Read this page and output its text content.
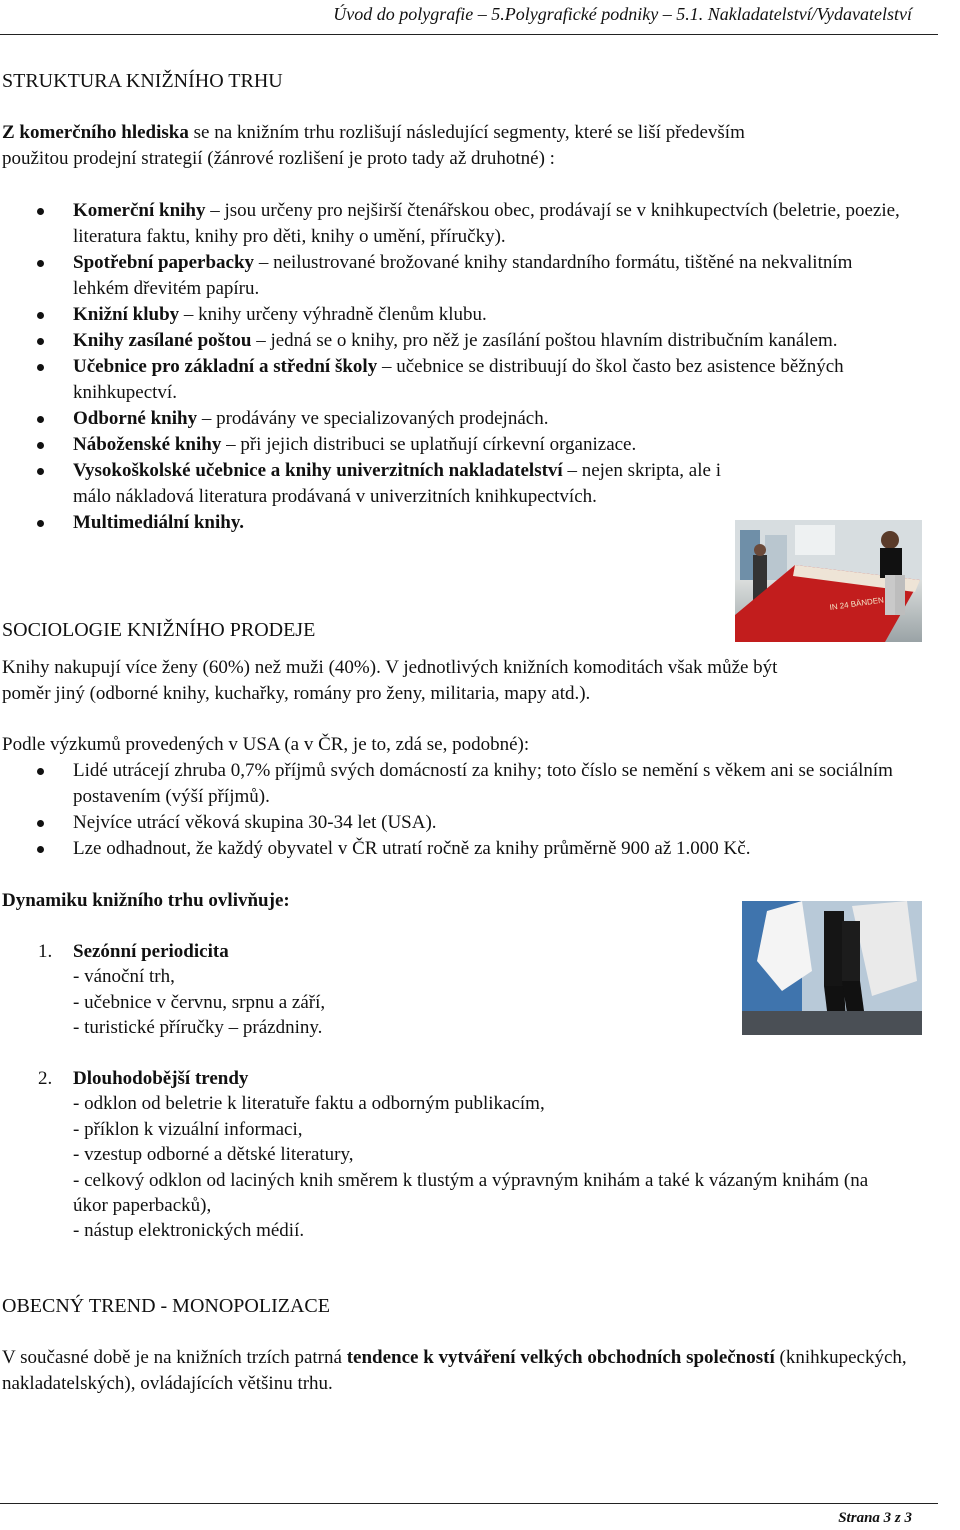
Úvod do polygrafie – 5.Polygrafické podniky – 5.1. Nakladatelství/Vydavatelství
STRUKTURA KNIŽNÍHO TRHU
Z komerčního hlediska se na knižním trhu rozlišují následující segmenty, které se liší především
použitou prodejní strategií (žánrové rozlišení je proto tady až druhotné) :
Komerční knihy – jsou určeny pro nejširší čtenářskou obec, prodávají se v knihkupectvích (beletrie, poezie, literatura faktu, knihy pro děti, knihy o umění, příručky).
Spotřební paperbacky – neilustrované brožované knihy standardního formátu, tištěné na nekvalitním lehkém dřevitém papíru.
Knižní kluby – knihy určeny výhradně členům klubu.
Knihy zasílané poštou – jedná se o knihy, pro něž je zasílání poštou hlavním distribučním kanálem.
Učebnice pro základní a střední školy – učebnice se distribuují do škol často bez asistence běžných knihkupectví.
Odborné knihy – prodávány ve specializovaných prodejnách.
Náboženské knihy – při jejich distribuci se uplatňují církevní organizace.
Vysokoškolské učebnice a knihy univerzitních nakladatelství – nejen skripta, ale i málo nákladová literatura prodávaná v univerzitních knihkupectvích.
Multimediální knihy.
IN 24 BÄNDEN
SOCIOLOGIE KNIŽNÍHO PRODEJE
Knihy nakupují více ženy (60%) než muži (40%). V jednotlivých knižních komoditách však může být
poměr jiný (odborné knihy, kuchařky, romány pro ženy, militaria, mapy atd.).
Podle výzkumů provedených v USA (a v ČR, je to, zdá se, podobné):
Lidé utrácejí zhruba 0,7% příjmů svých domácností za knihy; toto číslo se nemění s věkem ani se sociálním postavením (výší příjmů).
Nejvíce utrácí věková skupina 30-34 let (USA).
Lze odhadnout, že každý obyvatel v ČR utratí ročně za knihy průměrně 900 až 1.000 Kč.
Dynamiku knižního trhu ovlivňuje:
1. Sezónní periodicita
- vánoční trh,
- učebnice v červnu, srpnu a září,
- turistické příručky – prázdniny.
2. Dlouhodobější trendy
- odklon od beletrie k literatuře faktu a odborným publikacím,
- příklon k vizuální informaci,
- vzestup odborné a dětské literatury,
- celkový odklon od laciných knih směrem k tlustým a výpravným knihám a také k vázaným knihám (na úkor paperbacků),
- nástup elektronických médií.
OBECNÝ TREND - MONOPOLIZACE
V současné době je na knižních trzích patrná tendence k vytváření velkých obchodních společností (knihkupeckých, nakladatelských), ovládajících většinu trhu.
Strana 3 z 3
